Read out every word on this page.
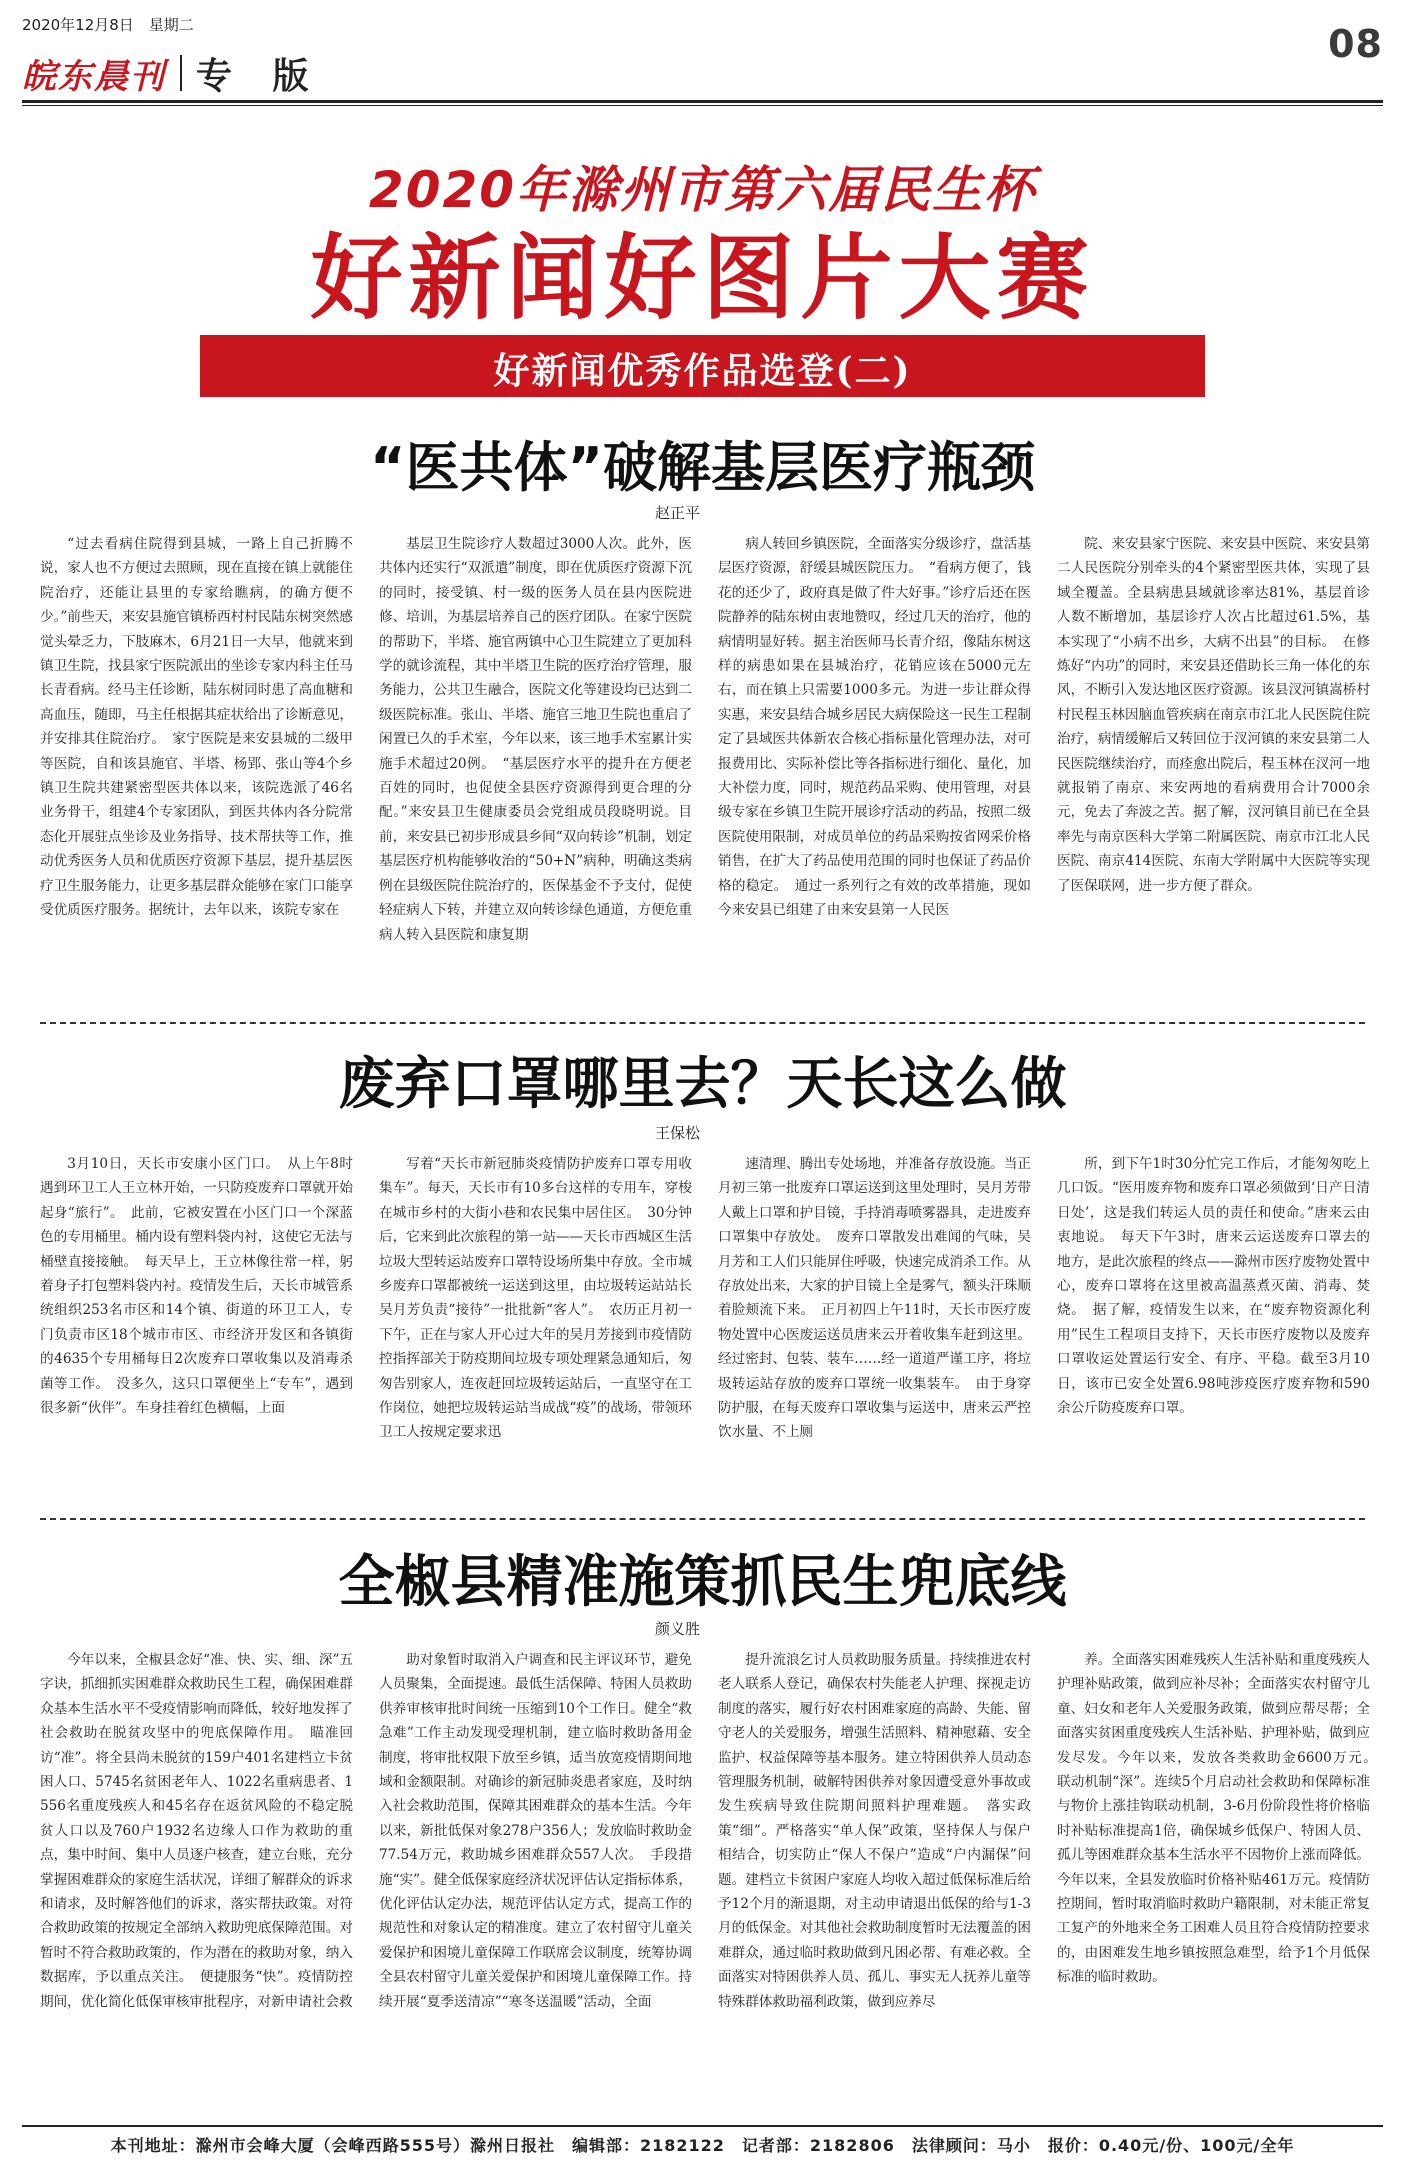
2020年12月8日　星期二	08
皖东晨刊 专 版
2020年滁州市第六届民生杯
好新闻好图片大赛
好新闻优秀作品选登(二)
“医共体”破解基层医疗瓶颈
赵正平

“过去看病住院得到县城，一路上自己折腾不说，家人也不方便过去照顾，现在直接在镇上就能住院治疗，还能让县里的专家给瞧病，的确方便不少。”前些天，来安县施官镇桥西村村民陆东树突然感觉头晕乏力，下肢麻木，6月21日一大早，他就来到镇卫生院，找县家宁医院派出的坐诊专家内科主任马长青看病。经马主任诊断，陆东树同时患了高血糖和高血压，随即，马主任根据其症状给出了诊断意见，并安排其住院治疗。　家宁医院是来安县城的二级甲等医院，自和该县施官、半塔、杨郢、张山等4个乡镇卫生院共建紧密型医共体以来，该院选派了46名业务骨干，组建4个专家团队，到医共体内各分院常态化开展驻点坐诊及业务指导、技术帮扶等工作，推动优秀医务人员和优质医疗资源下基层，提升基层医疗卫生服务能力，让更多基层群众能够在家门口能享受优质医疗服务。据统计，去年以来，该院专家在

基层卫生院诊疗人数超过3000人次。此外，医共体内还实行“双派遣”制度，即在优质医疗资源下沉的同时，接受镇、村一级的医务人员在县内医院进修、培训，为基层培养自己的医疗团队。在家宁医院的帮助下，半塔、施官两镇中心卫生院建立了更加科学的就诊流程，其中半塔卫生院的医疗治疗管理，服务能力，公共卫生融合，医院文化等建设均已达到二级医院标准。张山、半塔、施官三地卫生院也重启了闲置已久的手术室，今年以来，该三地手术室累计实施手术超过20例。　“基层医疗水平的提升在方便老百姓的同时，也促使全县医疗资源得到更合理的分配。”来安县卫生健康委员会党组成员段晓明说。目前，来安县已初步形成县乡间“双向转诊”机制，划定基层医疗机构能够收治的“50+N”病种，明确这类病例在县级医院住院治疗的，医保基金不予支付，促使轻症病人下转，并建立双向转诊绿色通道，方便危重病人转入县医院和康复期

病人转回乡镇医院，全面落实分级诊疗，盘活基层医疗资源，舒缓县城医院压力。　“看病方便了，钱花的还少了，政府真是做了件大好事。”诊疗后还在医院静养的陆东树由衷地赞叹，经过几天的治疗，他的病情明显好转。据主治医师马长青介绍，像陆东树这样的病患如果在县城治疗，花销应该在5000元左右，而在镇上只需要1000多元。为进一步让群众得实惠，来安县结合城乡居民大病保险这一民生工程制定了县域医共体新农合核心指标量化管理办法，对可报费用比、实际补偿比等各指标进行细化、量化，加大补偿力度，同时，规范药品采购、使用管理，对县级专家在乡镇卫生院开展诊疗活动的药品，按照二级医院使用限制，对成员单位的药品采购按省网采价格销售，在扩大了药品使用范围的同时也保证了药品价格的稳定。　通过一系列行之有效的改革措施，现如今来安县已组建了由来安县第一人民医

院、来安县家宁医院、来安县中医院、来安县第二人民医院分别牵头的4个紧密型医共体，实现了县域全覆盖。全县病患县域就诊率达81%，基层首诊人数不断增加，基层诊疗人次占比超过61.5%，基本实现了“小病不出乡，大病不出县”的目标。　在修炼好“内功”的同时，来安县还借助长三角一体化的东风，不断引入发达地区医疗资源。该县汊河镇嵩桥村村民程玉林因脑血管疾病在南京市江北人民医院住院治疗，病情缓解后又转回位于汊河镇的来安县第二人民医院继续治疗，而痊愈出院后，程玉林在汊河一地就报销了南京、来安两地的看病费用合计7000余元，免去了奔波之苦。据了解，汊河镇目前已在全县率先与南京医科大学第二附属医院、南京市江北人民医院、南京414医院、东南大学附属中大医院等实现了医保联网，进一步方便了群众。

废弃口罩哪里去？天长这么做
王保松

3月10日，天长市安康小区门口。　从上午8时遇到环卫工人王立林开始，一只防疫废弃口罩就开始起身“旅行”。　此前，它被安置在小区门口一个深蓝色的专用桶里。桶内设有塑料袋内衬，这使它无法与桶壁直接接触。　每天早上，王立林像往常一样，躬着身子打包塑料袋内衬。疫情发生后，天长市城管系统组织253名市区和14个镇、街道的环卫工人，专门负责市区18个城市市区、市经济开发区和各镇街的4635个专用桶每日2次废弃口罩收集以及消毒杀菌等工作。　没多久，这只口罩便坐上“专车”，遇到很多新“伙伴”。车身挂着红色横幅，上面

写着“天长市新冠肺炎疫情防护废弃口罩专用收集车”。每天，天长市有10多台这样的专用车，穿梭在城市乡村的大街小巷和农民集中居住区。　30分钟后，它来到此次旅程的第一站——天长市西城区生活垃圾大型转运站废弃口罩特设场所集中存放。全市城乡废弃口罩都被统一运送到这里，由垃圾转运站站长吴月芳负责“接待”一批批新“客人”。　农历正月初一下午，正在与家人开心过大年的吴月芳接到市疫情防控指挥部关于防疫期间垃圾专项处理紧急通知后，匆匆告别家人，连夜赶回垃圾转运站后，一直坚守在工作岗位，她把垃圾转运站当成战“疫”的战场，带领环卫工人按规定要求迅

速清理、腾出专处场地，并准备存放设施。当正月初三第一批废弃口罩运送到这里处理时，吴月芳带人戴上口罩和护目镜，手持消毒喷雾器具，走进废弃口罩集中存放处。　废弃口罩散发出难闻的气味，吴月芳和工人们只能屏住呼吸，快速完成消杀工作。从存放处出来，大家的护目镜上全是雾气，额头汗珠顺着脸颊流下来。　正月初四上午11时，天长市医疗废物处置中心医废运送员唐来云开着收集车赶到这里。经过密封、包装、装车……经一道道严谨工序，将垃圾转运站存放的废弃口罩统一收集装车。　由于身穿防护服，在每天废弃口罩收集与运送中，唐来云严控饮水量、不上厕

所，到下午1时30分忙完工作后，才能匆匆吃上几口饭。“医用废弃物和废弃口罩必须做到‘日产日清日处’，这是我们转运人员的责任和使命。”唐来云由衷地说。　每天下午3时，唐来云运送废弃口罩去的地方，是此次旅程的终点——滁州市医疗废物处置中心，废弃口罩将在这里被高温蒸煮灭菌、消毒、焚烧。　据了解，疫情发生以来，在“废弃物资源化利用”民生工程项目支持下，天长市医疗废物以及废弃口罩收运处置运行安全、有序、平稳。截至3月10日，该市已安全处置6.98吨涉疫医疗废弃物和590余公斤防疫废弃口罩。

全椒县精准施策抓民生兜底线
颜义胜

今年以来，全椒县念好“准、快、实、细、深”五字诀，抓细抓实困难群众救助民生工程，确保困难群众基本生活水平不受疫情影响而降低，较好地发挥了社会救助在脱贫攻坚中的兜底保障作用。　瞄准回访“准”。将全县尚未脱贫的159户401名建档立卡贫困人口、5745名贫困老年人、1022名重病患者、1556名重度残疾人和45名存在返贫风险的不稳定脱贫人口以及760户1932名边缘人口作为救助的重点，集中时间、集中人员逐户核查，建立台账，充分掌握困难群众的家庭生活状况，详细了解群众的诉求和请求，及时解答他们的诉求，落实帮扶政策。对符合救助政策的按规定全部纳入救助兜底保障范围。对暂时不符合救助政策的，作为潜在的救助对象，纳入数据库，予以重点关注。　便捷服务“快”。疫情防控期间，优化简化低保审核审批程序，对新申请社会救

助对象暂时取消入户调查和民主评议环节，避免人员聚集，全面提速。最低生活保障、特困人员救助供养审核审批时间统一压缩到10个工作日。健全“救急难”工作主动发现受理机制，建立临时救助备用金制度，将审批权限下放至乡镇，适当放宽疫情期间地域和金额限制。对确诊的新冠肺炎患者家庭，及时纳入社会救助范围，保障其困难群众的基本生活。今年以来，新批低保对象278户356人；发放临时救助金77.54万元，救助城乡困难群众557人次。　手段措施“实”。健全低保家庭经济状况评估认定指标体系，优化评估认定办法，规范评估认定方式，提高工作的规范性和对象认定的精准度。建立了农村留守儿童关爱保护和困境儿童保障工作联席会议制度，统筹协调全县农村留守儿童关爱保护和困境儿童保障工作。持续开展“夏季送清凉”“寒冬送温暖”活动，全面

提升流浪乞讨人员救助服务质量。持续推进农村老人联系人登记，确保农村失能老人护理、探视走访制度的落实，履行好农村困难家庭的高龄、失能、留守老人的关爱服务，增强生活照料、精神慰藉、安全监护、权益保障等基本服务。建立特困供养人员动态管理服务机制，破解特困供养对象因遭受意外事故或发生疾病导致住院期间照料护理难题。　落实政策“细”。严格落实“单人保”政策，坚持保人与保户相结合，切实防止“保人不保户”造成“户内漏保”问题。建档立卡贫困户家庭人均收入超过低保标准后给予12个月的渐退期，对主动申请退出低保的给与1-3月的低保金。对其他社会救助制度暂时无法覆盖的困难群众，通过临时救助做到凡困必帮、有难必救。全面落实对特困供养人员、孤儿、事实无人抚养儿童等特殊群体救助福利政策，做到应养尽

养。全面落实困难残疾人生活补贴和重度残疾人护理补贴政策，做到应补尽补；全面落实农村留守儿童、妇女和老年人关爱服务政策，做到应帮尽帮；全面落实贫困重度残疾人生活补贴、护理补贴，做到应发尽发。今年以来，发放各类救助金6600万元。　联动机制“深”。连续5个月启动社会救助和保障标准与物价上涨挂钩联动机制，3-6月份阶段性将价格临时补贴标准提高1倍，确保城乡低保户、特困人员、孤儿等困难群众基本生活水平不因物价上涨而降低。今年以来，全县发放临时价格补贴461万元。疫情防控期间，暂时取消临时救助户籍限制，对未能正常复工复产的外地来全务工困难人员且符合疫情防控要求的，由困难发生地乡镇按照急难型，给予1个月低保标准的临时救助。

本刊地址：滁州市会峰大厦（会峰西路555号）滁州日报社　编辑部：2182122　记者部：2182806　法律顾问：马小　报价：0.40元/份、100元/全年
